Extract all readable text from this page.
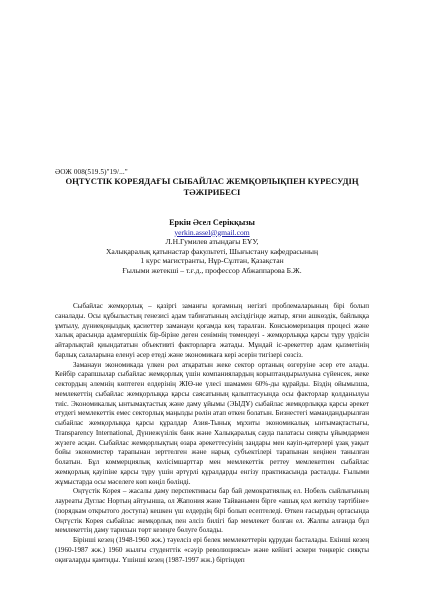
ӘОЖ 008(519.5)"19/..."
ОҢТҮСТІК КОРЕЯДАҒЫ СЫБАЙЛАС ЖЕМҚОРЛЫҚПЕН КҮРЕСУДІҢ
ТӘЖІРИБЕСІ
Еркін Әсел Серікқызы
yerkin.assel@gmail.com
Л.Н.Гумилев атындағы ЕҰУ,
Халықаралық қатынастар факультеті, Шығыстану кафедрасының
1 курс магистранты, Нұр-Сұлтан, Қазақстан
Ғылыми жетекші – т.ғ.д., профессор Абжаппарова Б.Ж.

Сыбайлас жемқорлық – қазіргі заманғы қоғамның негізгі проблемаларының бірі болып саналады. Осы құбылыстың генезисі адам табиғатының әлсіздігінде жатыр, яғни ашкөздік, байлыққа ұмтылу, дүниеқоңыздық қасиеттер заманауи қоғамда кең таралған. Консьюмеризация процесі және халық арасында адамгершілік бір-біріне деген сенімнің төмендеуі - жемқорлыққа қарсы тұру үрдісін айтарлықтай қиындататын объективті факторларға жатады. Мұндай іс-әрекеттер адам қызметінің барлық салаларына еленуі әсер етеді және экономикаға кері әсерін тигізері сөзсіз.

Заманауи экономикада үлкен рөл атқаратын жеке сектор ортаның өзгеруіне әсер ете алады. Кейбір сарапшылар сыбайлас жемқорлық үшін компаниялардың корыптандырылуына сүйенсек, жеке сектордың әлемнің көптеген елдерінің ЖІӨ-не үлесі шамамен 60%-ды құрайды. Біздің ойымызша, мемлекеттің сыбайлас жемқорлыққа қарсы саясатының қалыптасуында осы факторлар қолданылуы тиіс. Экономикалық ынтымақтастық және даму ұйымы (ЭЫДҰ) сыбайлас жемқорлыққа қарсы әрекет етудегі мемлекеттік емес секторлық маңызды рөлін атап өткен болатын. Бизнестегі мамандандырылған сыбайлас жемқорлыққа қарсы құралдар Азия-Тынық мұхиты экономикалық ынтымақтастығы, Transparency International, Дүниежүзілік банк және Халықаралық сауда палатасы сияқты ұйымдармен жүзеге асқан. Сыбайлас жемқорлықтың өзара әрекеттесуінің заңдары мен кауіп-қатерлері ұзақ уақыт бойы экономистер тарапынан зерттелген және нарық субъектілері тарапынан кеңінен танылған болатын. Бұл коммерциялық келісімшарттар мен мемлекеттік реттеу мемлекетпен сыбайлас жемқорлық қауіпіне қарсы тұру үшін әртүрлі құралдарды енгізу практикасында расталды. Ғылыми жұмыстарда осы мәселеге көп көңіл бөлінді.

Оңтүстік Корея – жасалы даму перспективасы бар бай демократиялық ел. Нобель сыйлығының лауреаты Дуглас Нортың айтуынша, ол Жапония және Тайваньмен бірге «ашық қол жеткізу тәртібіне» (порядкам открытого доступа) кешкен үш елдердің бірі болып есептеледі. Өткен ғасырдың ортасында Оңтүстік Корея сыбайлас жемқорлық пен әлсіз билігі бар мемлекет болған ел. Жалпы алғанда бұл мемлекеттің даму тарихын төрт кезеңге бөлуге болады.

Бірінші кезең (1948-1960 жж.) тәуелсіз ері белек мемлекеттерін құрудан басталады. Екінші кезең (1960-1987 жж.) 1960 жылғы студенттік «сәуір революциясы» және кейінгі әскери төңкеріс сияқты оқиғаларды қамтиды. Үшінші кезең (1987-1997 жж.) біртіндеп
